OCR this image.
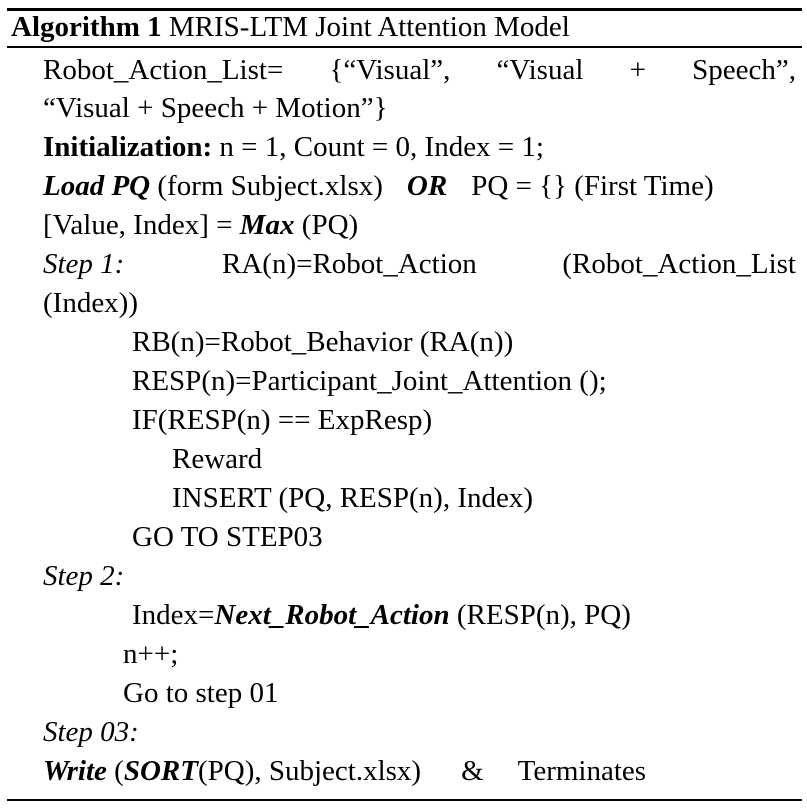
Algorithm 1 MRIS-LTM Joint Attention Model
Robot_Action_List= {“Visual”, “Visual + Speech”,
“Visual + Speech + Motion”}
Initialization: n = 1, Count = 0, Index = 1;
Load PQ (form Subject.xlsx) OR PQ = {} (First Time)
[Value, Index] = Max (PQ)
Step 1:	RA(n)=Robot_Action	(Robot_Action_List
(Index))
RB(n)=Robot_Behavior (RA(n))
RESP(n)=Participant_Joint_Attention ();
IF(RESP(n) == ExpResp)
Reward
INSERT (PQ, RESP(n), Index)
GO TO STEP03
Step 2:
Index=Next_Robot_Action (RESP(n), PQ)
n++;
Go to step 01
Step 03:
Write (SORT(PQ), Subject.xlsx) & Terminates
